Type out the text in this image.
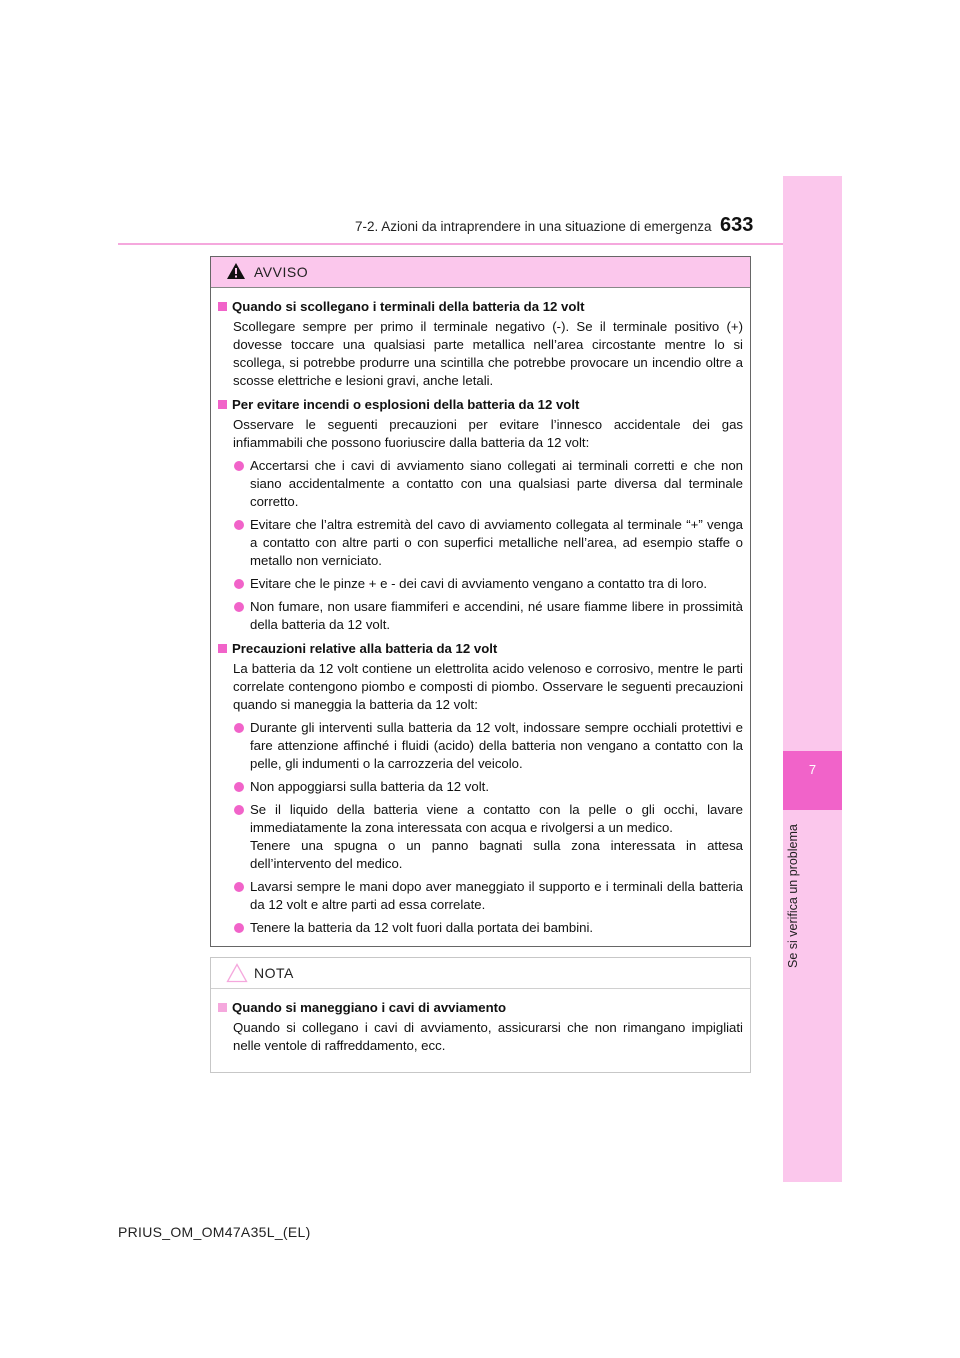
7-2. Azioni da intraprendere in una situazione di emergenza 633
7
Se si verifica un problema
AVVISO
Quando si scollegano i terminali della batteria da 12 volt
Scollegare sempre per primo il terminale negativo (-). Se il terminale positivo (+) dovesse toccare una qualsiasi parte metallica nell’area circostante mentre lo si scollega, si potrebbe produrre una scintilla che potrebbe provocare un incendio oltre a scosse elettriche e lesioni gravi, anche letali.
Per evitare incendi o esplosioni della batteria da 12 volt
Osservare le seguenti precauzioni per evitare l’innesco accidentale dei gas infiammabili che possono fuoriuscire dalla batteria da 12 volt:
Accertarsi che i cavi di avviamento siano collegati ai terminali corretti e che non siano accidentalmente a contatto con una qualsiasi parte diversa dal terminale corretto.
Evitare che l’altra estremità del cavo di avviamento collegata al terminale “+” venga a contatto con altre parti o con superfici metalliche nell’area, ad esempio staffe o metallo non verniciato.
Evitare che le pinze + e - dei cavi di avviamento vengano a contatto tra di loro.
Non fumare, non usare fiammiferi e accendini, né usare fiamme libere in prossimità della batteria da 12 volt.
Precauzioni relative alla batteria da 12 volt
La batteria da 12 volt contiene un elettrolita acido velenoso e corrosivo, mentre le parti correlate contengono piombo e composti di piombo. Osservare le seguenti precauzioni quando si maneggia la batteria da 12 volt:
Durante gli interventi sulla batteria da 12 volt, indossare sempre occhiali protettivi e fare attenzione affinché i fluidi (acido) della batteria non vengano a contatto con la pelle, gli indumenti o la carrozzeria del veicolo.
Non appoggiarsi sulla batteria da 12 volt.
Se il liquido della batteria viene a contatto con la pelle o gli occhi, lavare immediatamente la zona interessata con acqua e rivolgersi a un medico.
Tenere una spugna o un panno bagnati sulla zona interessata in attesa dell’intervento del medico.
Lavarsi sempre le mani dopo aver maneggiato il supporto e i terminali della batteria da 12 volt e altre parti ad essa correlate.
Tenere la batteria da 12 volt fuori dalla portata dei bambini.
NOTA
Quando si maneggiano i cavi di avviamento
Quando si collegano i cavi di avviamento, assicurarsi che non rimangano impigliati nelle ventole di raffreddamento, ecc.
PRIUS_OM_OM47A35L_(EL)
